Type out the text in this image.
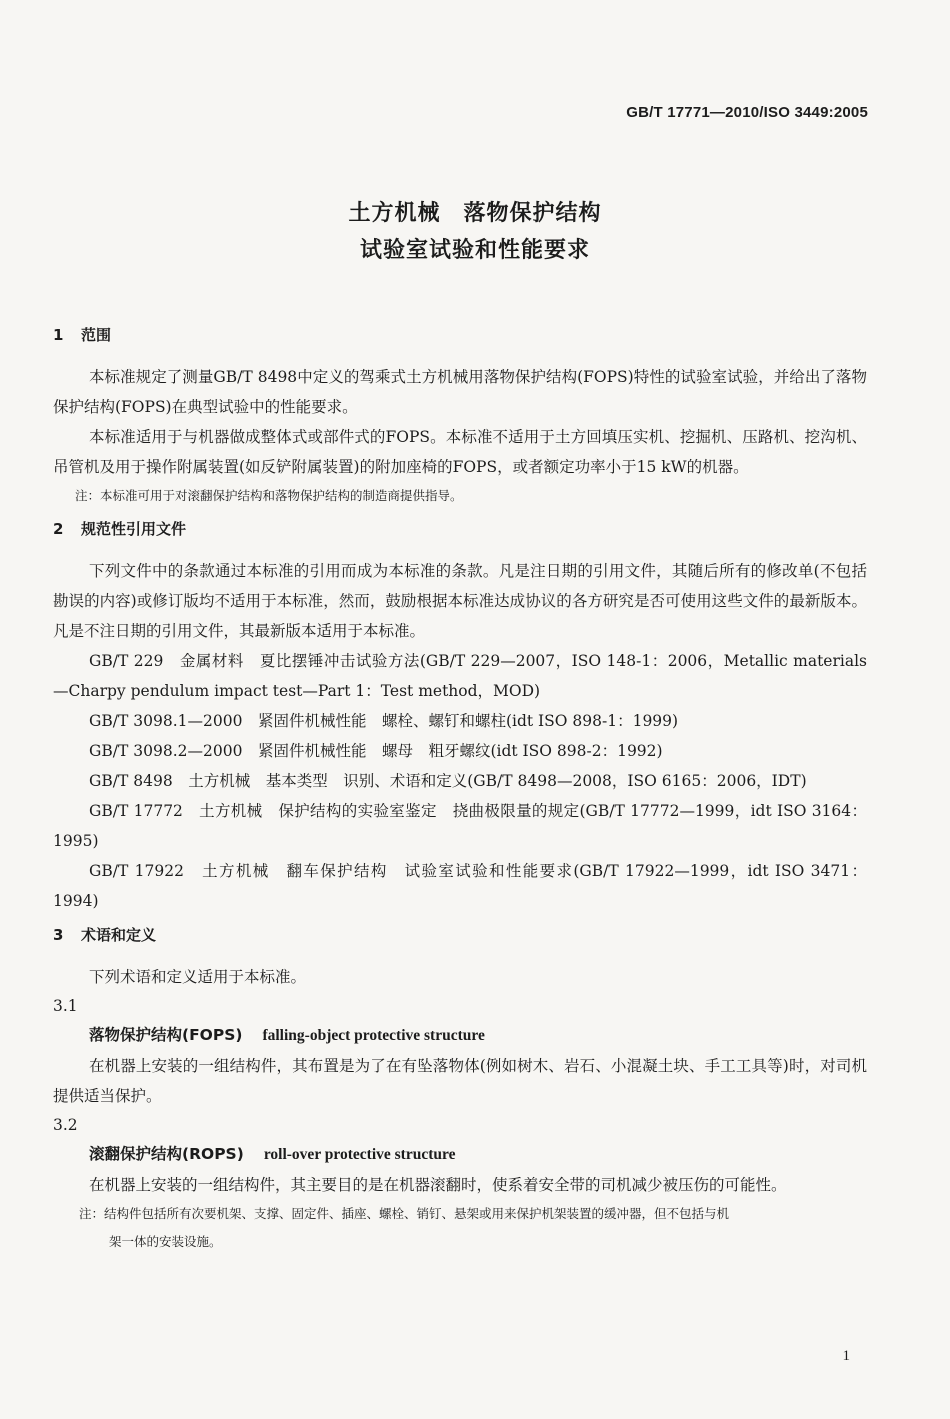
GB/T 17771—2010/ISO 3449:2005
土方机械　落物保护结构
试验室试验和性能要求
1 范围

本标准规定了测量GB/T 8498中定义的驾乘式土方机械用落物保护结构(FOPS)特性的试验室试验，并给出了落物保护结构(FOPS)在典型试验中的性能要求。

本标准适用于与机器做成整体式或部件式的FOPS。本标准不适用于土方回填压实机、挖掘机、压路机、挖沟机、吊管机及用于操作附属装置(如反铲附属装置)的附加座椅的FOPS，或者额定功率小于15 kW的机器。

注：本标准可用于对滚翻保护结构和落物保护结构的制造商提供指导。
2 规范性引用文件

下列文件中的条款通过本标准的引用而成为本标准的条款。凡是注日期的引用文件，其随后所有的修改单(不包括勘误的内容)或修订版均不适用于本标准，然而，鼓励根据本标准达成协议的各方研究是否可使用这些文件的最新版本。凡是不注日期的引用文件，其最新版本适用于本标准。

GB/T 229　金属材料　夏比摆锤冲击试验方法(GB/T 229—2007，ISO 148-1：2006，Metallic materials—Charpy pendulum impact test—Part 1：Test method，MOD)

GB/T 3098.1—2000　紧固件机械性能　螺栓、螺钉和螺柱(idt ISO 898-1：1999)

GB/T 3098.2—2000　紧固件机械性能　螺母　粗牙螺纹(idt ISO 898-2：1992)

GB/T 8498　土方机械　基本类型　识别、术语和定义(GB/T 8498—2008，ISO 6165：2006，IDT)

GB/T 17772　土方机械　保护结构的实验室鉴定　挠曲极限量的规定(GB/T 17772—1999，idt ISO 3164：1995)

GB/T 17922　土方机械　翻车保护结构　试验室试验和性能要求(GB/T 17922—1999，idt ISO 3471：1994)

3 术语和定义

下列术语和定义适用于本标准。

3.1
落物保护结构(FOPS) falling-object protective structure

在机器上安装的一组结构件，其布置是为了在有坠落物体(例如树木、岩石、小混凝土块、手工工具等)时，对司机提供适当保护。

3.2
滚翻保护结构(ROPS) roll-over protective structure

在机器上安装的一组结构件，其主要目的是在机器滚翻时，使系着安全带的司机减少被压伤的可能性。

注：结构件包括所有次要机架、支撑、固定件、插座、螺栓、销钉、悬架或用来保护机架装置的缓冲器，但不包括与机
架一体的安装设施。
1
